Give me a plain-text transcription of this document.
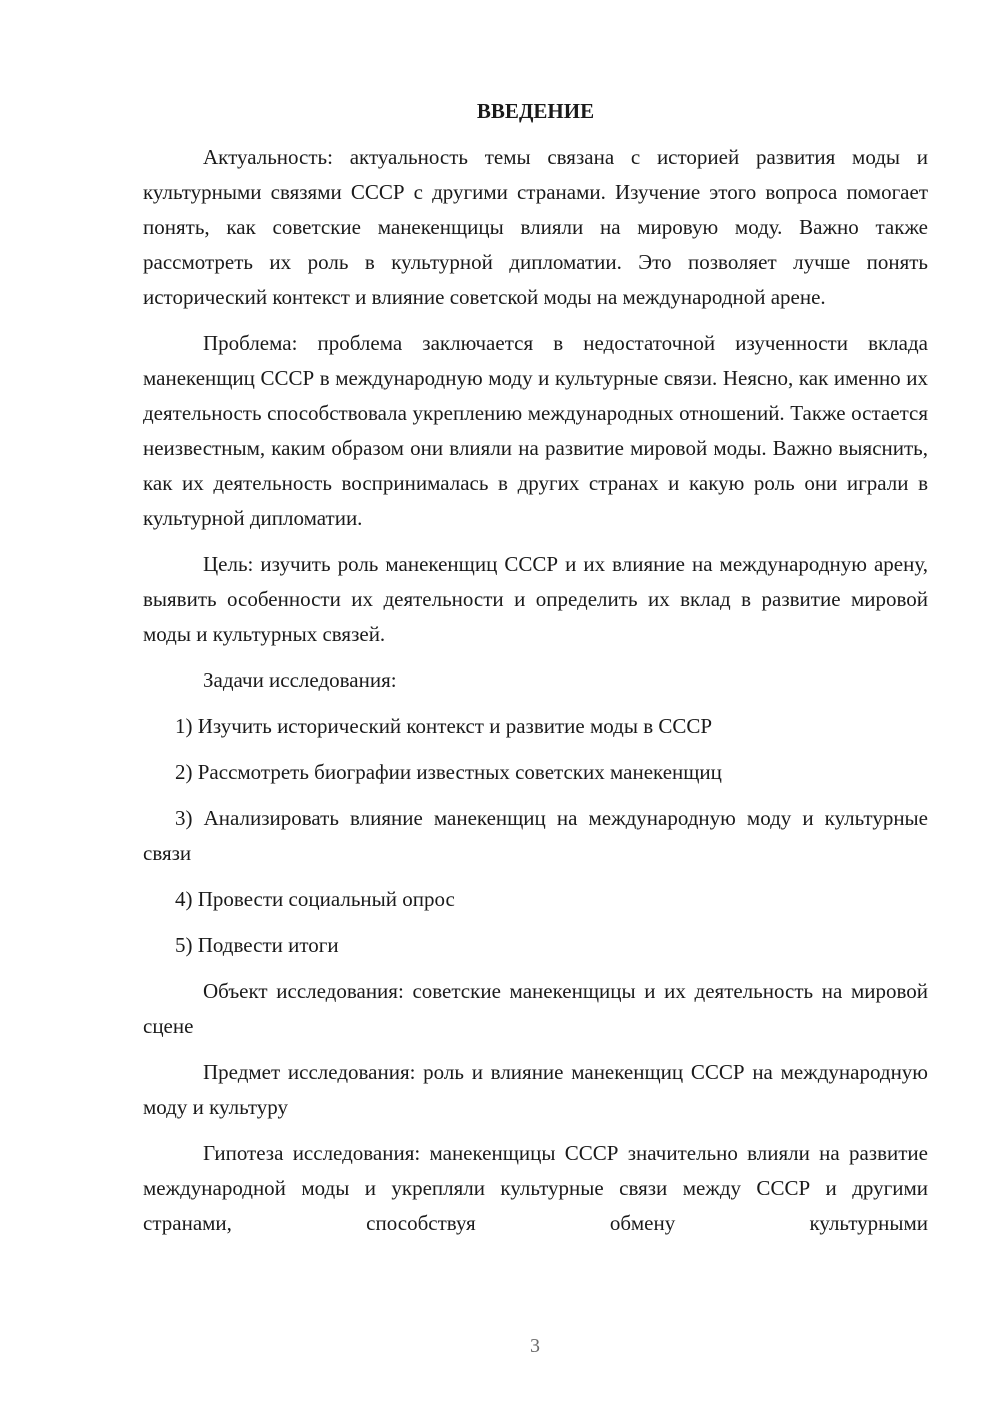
ВВЕДЕНИЕ

Актуальность: актуальность темы связана с историей развития моды и культурными связями СССР с другими странами. Изучение этого вопроса помогает понять, как советские манекенщицы влияли на мировую моду. Важно также рассмотреть их роль в культурной дипломатии. Это позволяет лучше понять исторический контекст и влияние советской моды на международной арене.

Проблема: проблема заключается в недостаточной изученности вклада манекенщиц СССР в международную моду и культурные связи. Неясно, как именно их деятельность способствовала укреплению международных отношений. Также остается неизвестным, каким образом они влияли на развитие мировой моды. Важно выяснить, как их деятельность воспринималась в других странах и какую роль они играли в культурной дипломатии.

Цель: изучить роль манекенщиц СССР и их влияние на международную арену, выявить особенности их деятельности и определить их вклад в развитие мировой моды и культурных связей.

Задачи исследования:

1) Изучить исторический контекст и развитие моды в СССР

2) Рассмотреть биографии известных советских манекенщиц

3) Анализировать влияние манекенщиц на международную моду и культурные связи

4) Провести социальный опрос

5) Подвести итоги

Объект исследования: советские манекенщицы и их деятельность на мировой сцене

Предмет исследования: роль и влияние манекенщиц СССР на международную моду и культуру

Гипотеза исследования: манекенщицы СССР значительно влияли на развитие международной моды и укрепляли культурные связи между СССР и другими странами, способствуя обмену культурными

3
